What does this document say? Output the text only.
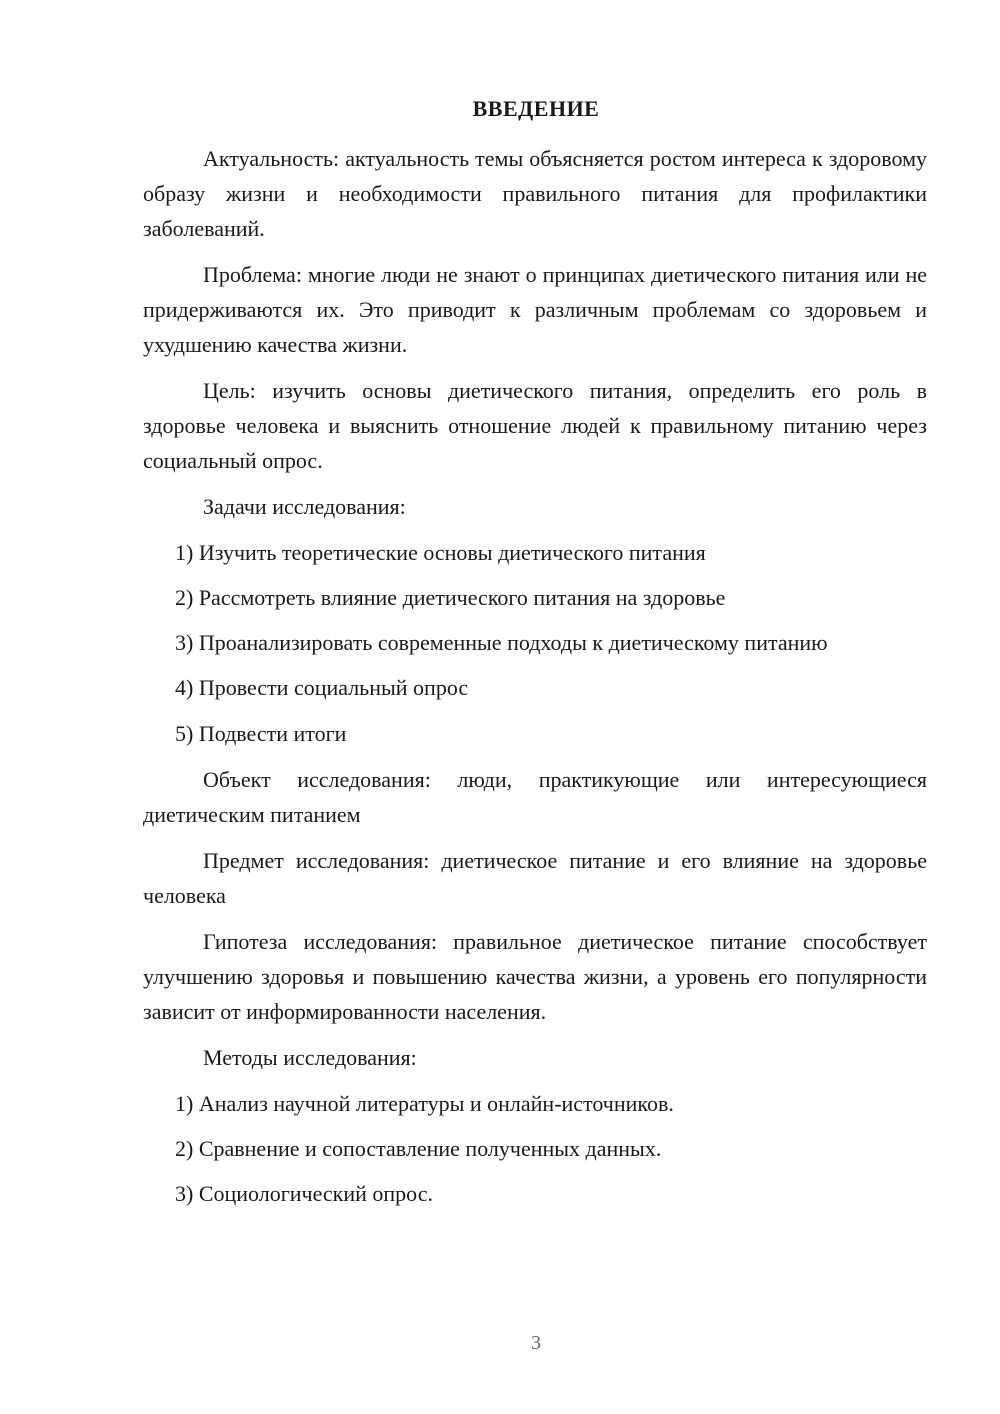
ВВЕДЕНИЕ

Актуальность: актуальность темы объясняется ростом интереса к здоровому образу жизни и необходимости правильного питания для профилактики заболеваний.

Проблема: многие люди не знают о принципах диетического питания или не придерживаются их. Это приводит к различным проблемам со здоровьем и ухудшению качества жизни.

Цель: изучить основы диетического питания, определить его роль в здоровье человека и выяснить отношение людей к правильному питанию через социальный опрос.

Задачи исследования:

1) Изучить теоретические основы диетического питания
2) Рассмотреть влияние диетического питания на здоровье
3) Проанализировать современные подходы к диетическому питанию
4) Провести социальный опрос
5) Подвести итоги

Объект исследования: люди, практикующие или интересующиеся диетическим питанием

Предмет исследования: диетическое питание и его влияние на здоровье человека

Гипотеза исследования: правильное диетическое питание способствует улучшению здоровья и повышению качества жизни, а уровень его популярности зависит от информированности населения.

Методы исследования:

1) Анализ научной литературы и онлайн-источников.
2) Сравнение и сопоставление полученных данных.
3) Социологический опрос.
3
